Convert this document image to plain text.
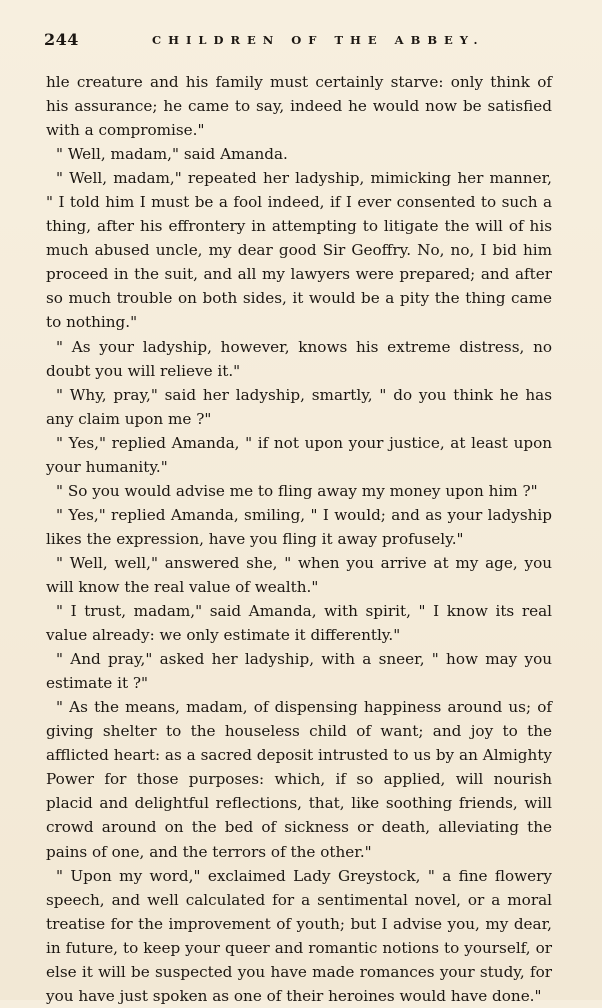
244	CHILDREN OF THE ABBEY.

hle creature and his family must certainly starve: only think of his assurance; he came to say, indeed he would now be satisfied with a compromise."

" Well, madam," said Amanda.

" Well, madam," repeated her ladyship, mimicking her manner, " I told him I must be a fool indeed, if I ever consented to such a thing, after his effrontery in attempting to litigate the will of his much abused uncle, my dear good Sir Geoffry. No, no, I bid him proceed in the suit, and all my lawyers were prepared; and after so much trouble on both sides, it would be a pity the thing came to nothing."

" As your ladyship, however, knows his extreme distress, no doubt you will relieve it."

" Why, pray," said her ladyship, smartly, " do you think he has any claim upon me ?"

" Yes," replied Amanda, " if not upon your justice, at least upon your humanity."

" So you would advise me to fling away my money upon him ?"

" Yes," replied Amanda, smiling, " I would; and as your ladyship likes the expression, have you fling it away profusely."

" Well, well," answered she, " when you arrive at my age, you will know the real value of wealth."

" I trust, madam," said Amanda, with spirit, " I know its real value already: we only estimate it differently."

" And pray," asked her ladyship, with a sneer, " how may you estimate it ?"

" As the means, madam, of dispensing happiness around us; of giving shelter to the houseless child of want; and joy to the afflicted heart: as a sacred deposit intrusted to us by an Almighty Power for those purposes: which, if so applied, will nourish placid and delightful reflections, that, like soothing friends, will crowd around on the bed of sickness or death, alleviating the pains of one, and the terrors of the other."

" Upon my word," exclaimed Lady Greystock, " a fine flowery speech, and well calculated for a sentimental novel, or a moral treatise for the improvement of youth; but I advise you, my dear, in future, to keep your queer and romantic notions to yourself, or else it will be suspected you have made romances your study, for you have just spoken as one of their heroines would have done."
